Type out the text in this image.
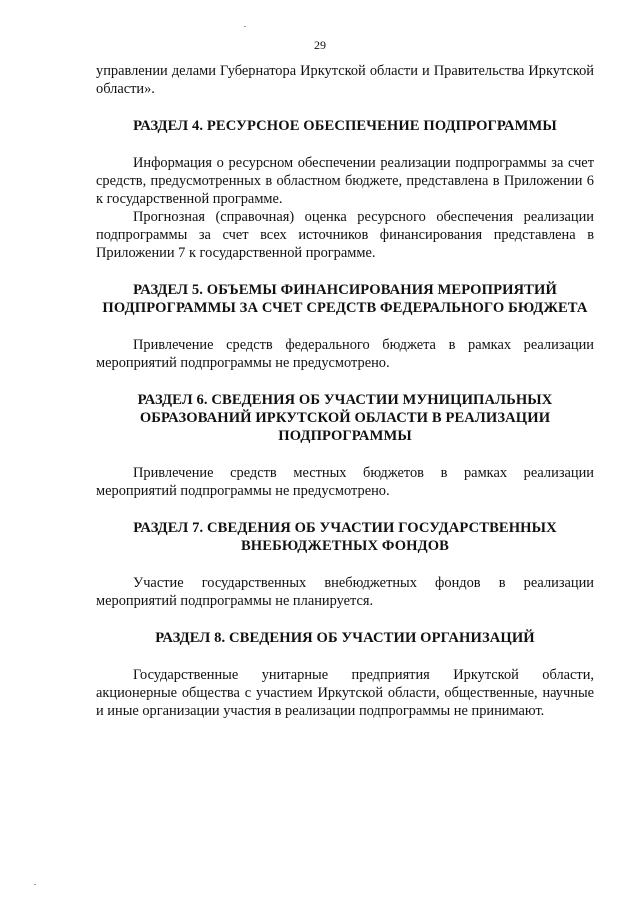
29

управлении делами Губернатора Иркутской области и Правительства Иркутской области».

РАЗДЕЛ 4. РЕСУРСНОЕ ОБЕСПЕЧЕНИЕ ПОДПРОГРАММЫ

Информация о ресурсном обеспечении реализации подпрограммы за счет средств, предусмотренных в областном бюджете, представлена в Приложении 6 к государственной программе.

Прогнозная (справочная) оценка ресурсного обеспечения реализации подпрограммы за счет всех источников финансирования представлена в Приложении 7 к государственной программе.

РАЗДЕЛ 5. ОБЪЕМЫ ФИНАНСИРОВАНИЯ МЕРОПРИЯТИЙ
ПОДПРОГРАММЫ ЗА СЧЕТ СРЕДСТВ ФЕДЕРАЛЬНОГО БЮДЖЕТА

Привлечение средств федерального бюджета в рамках реализации мероприятий подпрограммы не предусмотрено.

РАЗДЕЛ 6. СВЕДЕНИЯ ОБ УЧАСТИИ МУНИЦИПАЛЬНЫХ
ОБРАЗОВАНИЙ ИРКУТСКОЙ ОБЛАСТИ В РЕАЛИЗАЦИИ
ПОДПРОГРАММЫ

Привлечение средств местных бюджетов в рамках реализации мероприятий подпрограммы не предусмотрено.

РАЗДЕЛ 7. СВЕДЕНИЯ ОБ УЧАСТИИ ГОСУДАРСТВЕННЫХ
ВНЕБЮДЖЕТНЫХ ФОНДОВ

Участие государственных внебюджетных фондов в реализации мероприятий подпрограммы не планируется.

РАЗДЕЛ 8. СВЕДЕНИЯ ОБ УЧАСТИИ ОРГАНИЗАЦИЙ

Государственные унитарные предприятия Иркутской области, акционерные общества с участием Иркутской области, общественные, научные и иные организации участия в реализации подпрограммы не принимают.
